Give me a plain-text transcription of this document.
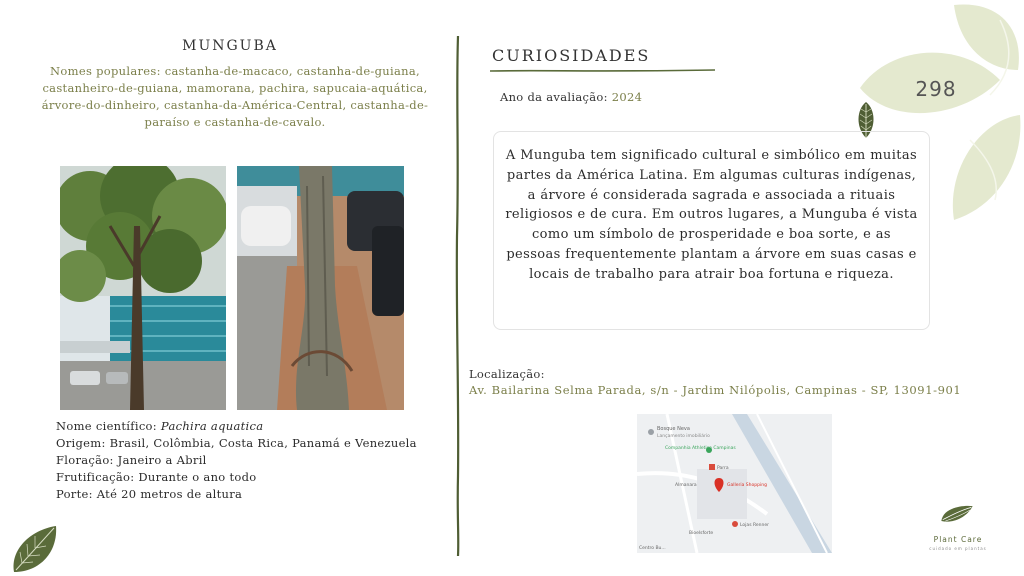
MUNGUBA
Nomes populares: castanha-de-macaco, castanha-de-guiana, castanheiro-de-guiana, mamorana, pachira, sapucaia-aquática, árvore-do-dinheiro, castanha-da-América-Central, castanha-de-paraíso e castanha-de-cavalo.
Nome científico: Pachira aquatica
Origem: Brasil, Colômbia, Costa Rica, Panamá e Venezuela
Floração: Janeiro a Abril
Frutificação: Durante o ano todo
Porte: Até 20 metros de altura
CURIOSIDADES
Ano da avaliação: 2024
A Munguba tem significado cultural e simbólico em muitas partes da América Latina. Em algumas culturas indígenas, a árvore é considerada sagrada e associada a rituais religiosos e de cura. Em outros lugares, a Munguba é vista como um símbolo de prosperidade e boa sorte, e as pessoas frequentemente plantam a árvore em suas casas e locais de trabalho para atrair boa fortuna e riqueza.
Localização:
Av. Bailarina Selma Parada, s/n - Jardim Nilópolis, Campinas - SP, 13091-901
Bosque Neva
Lançamento imobiliário
Companhia Athletica Campinas
Parra
Galleria Shopping
Almanara
Lojas Renner
Bioelsforte
Centro Bu...
298
Plant Care
cuidado em plantas
